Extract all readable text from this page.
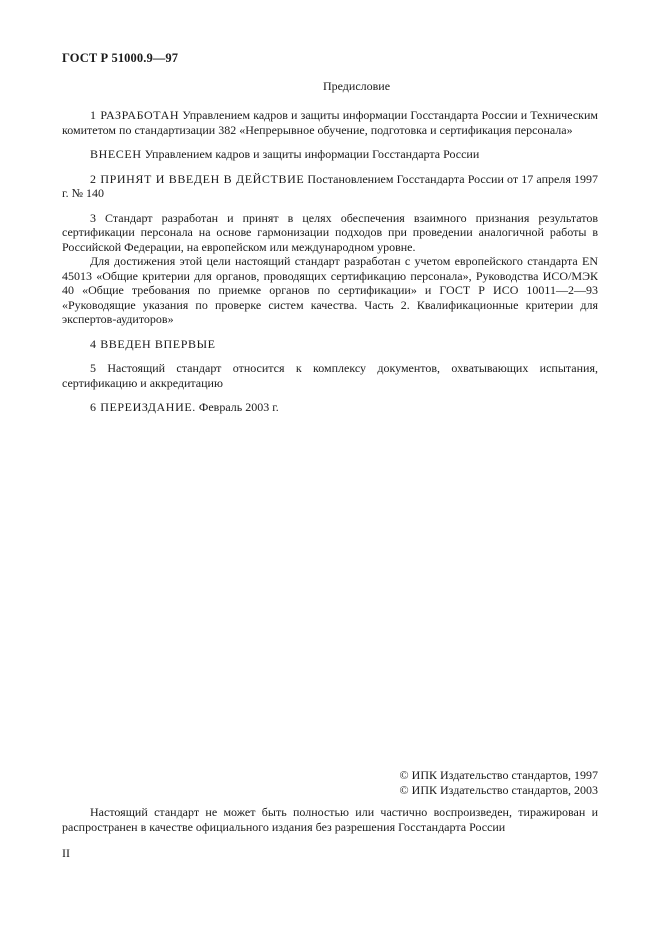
ГОСТ Р 51000.9—97
Предисловие

1 РАЗРАБОТАН Управлением кадров и защиты информации Госстандарта России и Техническим комитетом по стандартизации 382 «Непрерывное обучение, подготовка и сертификация персонала»

ВНЕСЕН Управлением кадров и защиты информации Госстандарта России

2 ПРИНЯТ И ВВЕДЕН В ДЕЙСТВИЕ Постановлением Госстандарта России от 17 апреля 1997 г. № 140

3 Стандарт разработан и принят в целях обеспечения взаимного признания результатов сертификации персонала на основе гармонизации подходов при проведении аналогичной работы в Российской Федерации, на европейском или международном уровне.

Для достижения этой цели настоящий стандарт разработан с учетом европейского стандарта EN 45013 «Общие критерии для органов, проводящих сертификацию персонала», Руководства ИСО/МЭК 40 «Общие требования по приемке органов по сертификации» и ГОСТ Р ИСО 10011—2—93 «Руководящие указания по проверке систем качества. Часть 2. Квалификационные критерии для экспертов-аудиторов»

4 ВВЕДЕН ВПЕРВЫЕ

5 Настоящий стандарт относится к комплексу документов, охватывающих испытания, сертификацию и аккредитацию

6 ПЕРЕИЗДАНИЕ. Февраль 2003 г.

© ИПК Издательство стандартов, 1997
© ИПК Издательство стандартов, 2003

Настоящий стандарт не может быть полностью или частично воспроизведен, тиражирован и распространен в качестве официального издания без разрешения Госстандарта России

II
